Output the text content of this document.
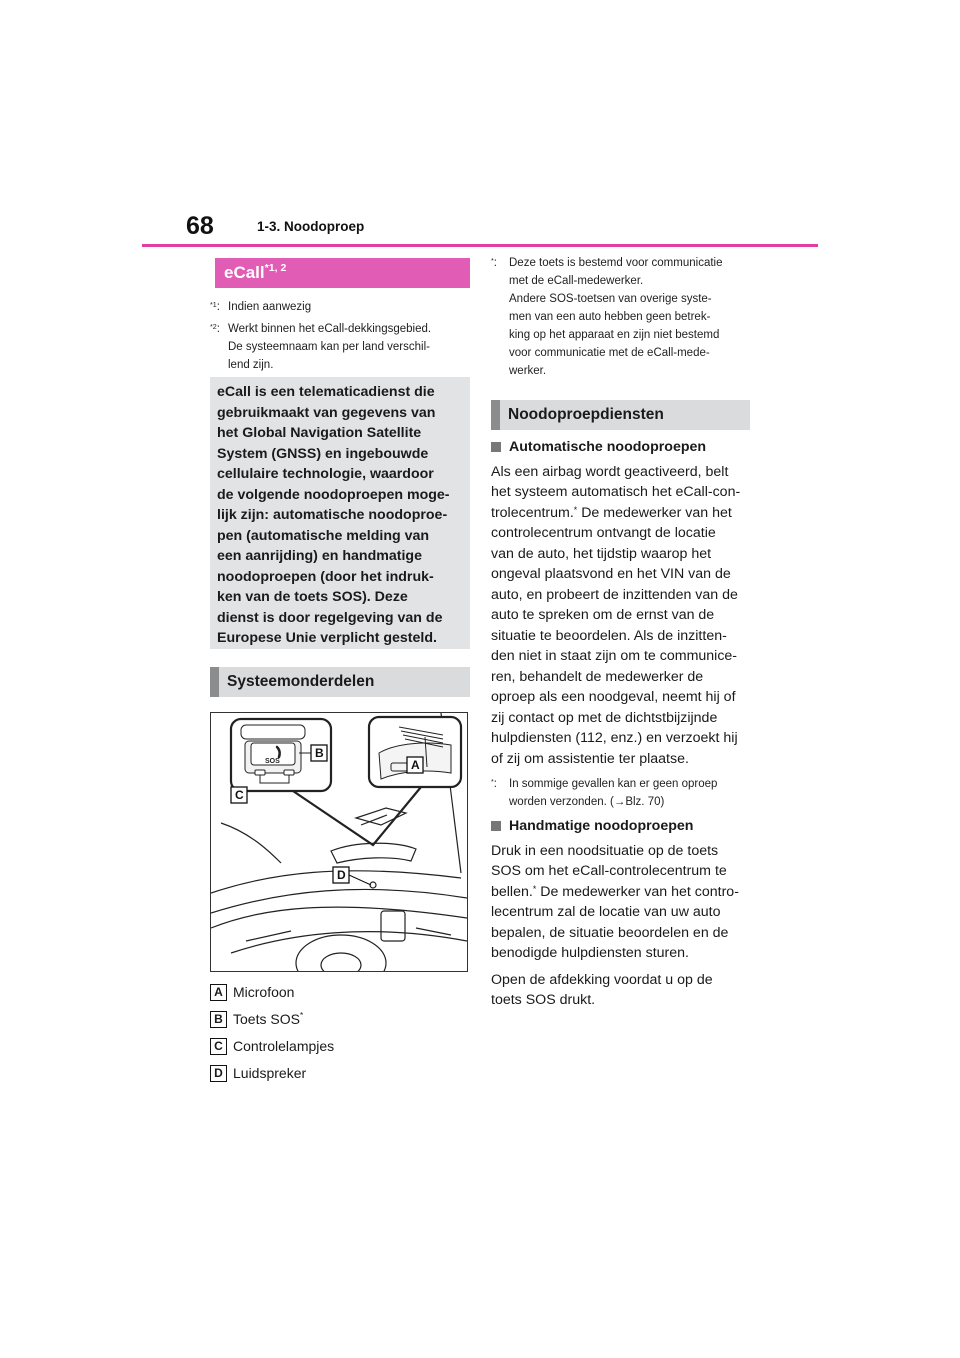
68	1-3. Noodoproep
eCall$^{*1, 2}$
$^{*1}$: Indien aanwezig
$^{*2}$: Werkt binnen het eCall-dekkingsgebied.
De systeemnaam kan per land verschil-
lend zijn.
eCall is een telematicadienst die
gebruikmaakt van gegevens van
het Global Navigation Satellite
System (GNSS) en ingebouwde
cellulaire technologie, waardoor
de volgende noodoproepen moge-
lijk zijn: automatische noodoproe-
pen (automatische melding van
een aanrijding) en handmatige
noodoproepen (door het indruk-
ken van de toets SOS). Deze
dienst is door regelgeving van de
Europese Unie verplicht gesteld.
Systeemonderdelen
SOS
B
C
A
D
A Microfoon
B Toets SOS*
C Controlelampjes
D Luidspreker
*: Deze toets is bestemd voor communicatie
met de eCall-medewerker.
Andere SOS-toetsen van overige syste-
men van een auto hebben geen betrek-
king op het apparaat en zijn niet bestemd
voor communicatie met de eCall-mede-
werker.
Noodoproepdiensten
Automatische noodoproepen
Als een airbag wordt geactiveerd, belt
het systeem automatisch het eCall-con-
trolecentrum.* De medewerker van het
controlecentrum ontvangt de locatie
van de auto, het tijdstip waarop het
ongeval plaatsvond en het VIN van de
auto, en probeert de inzittenden van de
auto te spreken om de ernst van de
situatie te beoordelen. Als de inzitten-
den niet in staat zijn om te communice-
ren, behandelt de medewerker de
oproep als een noodgeval, neemt hij of
zij contact op met de dichtstbijzijnde
hulpdiensten (112, enz.) en verzoekt hij
of zij om assistentie ter plaatse.
*: In sommige gevallen kan er geen oproep
worden verzonden. (→Blz. 70)
Handmatige noodoproepen
Druk in een noodsituatie op de toets
SOS om het eCall-controlecentrum te
bellen.* De medewerker van het contro-
lecentrum zal de locatie van uw auto
bepalen, de situatie beoordelen en de
benodigde hulpdiensten sturen.
Open de afdekking voordat u op de
toets SOS drukt.
